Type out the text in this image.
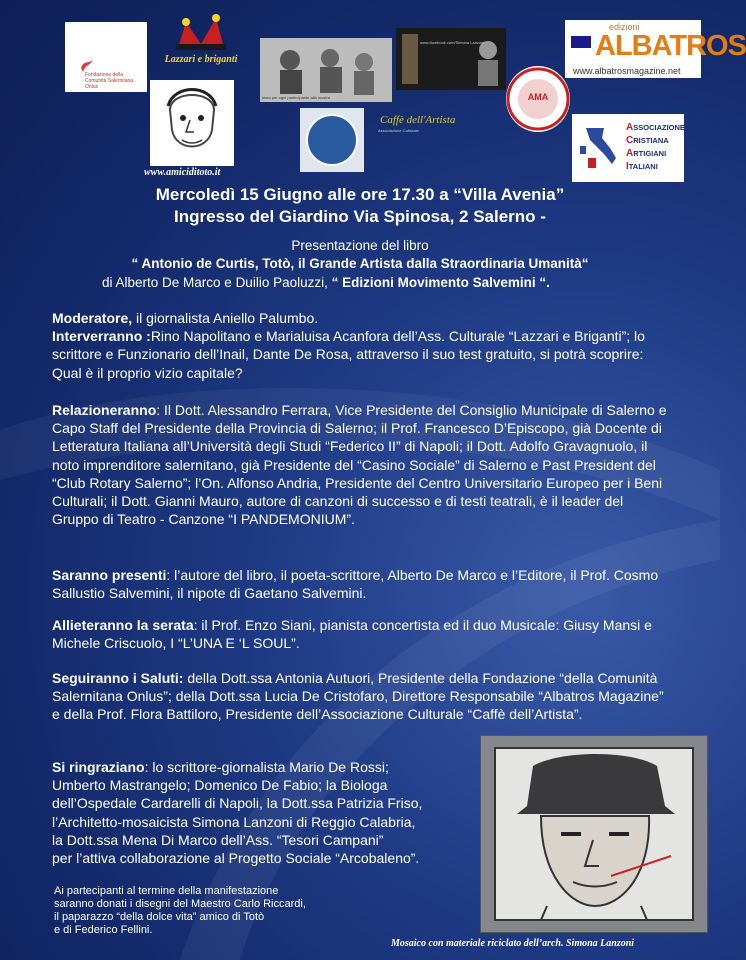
Fondazione della Comunità Salernitana Onlus
Lazzari e briganti
www.amiciditoto.it
testo per ogni partecipante alla mostra
www.facebook.com/Simona Lanzoni
AMA
edizioni
ALBATROS
www.albatrosmagazine.net
Caffè dell'Artista
Associazione Culturale	ASSOCIAZIONE
CRISTIANA
ARTIGIANI
ITALIANI
Mercoledì 15 Giugno alle ore 17.30 a “Villa Avenia”
Ingresso del Giardino Via Spinosa, 2 Salerno -
Presentazione del libro
“ Antonio de Curtis, Totò, il Grande Artista dalla Straordinaria Umanità“
di Alberto De Marco e Duilio Paoluzzi, “ Edizioni Movimento Salvemini “.
Moderatore, il giornalista Aniello Palumbo.
Interverranno :Rino Napolitano e Marialuisa Acanfora dell’Ass. Culturale “Lazzari e Briganti”; lo scrittore e Funzionario dell’Inail, Dante De Rosa, attraverso il suo test gratuito, si potrà scoprire: Qual è il proprio vizio capitale?
Relazioneranno: Il Dott. Alessandro Ferrara, Vice Presidente del Consiglio Municipale di Salerno e Capo Staff del Presidente della Provincia di Salerno; il Prof. Francesco D’Episcopo, già Docente di Letteratura Italiana all’Università degli Studi “Federico II” di Napoli; il Dott. Adolfo Gravagnuolo, il noto imprenditore salernitano, già Presidente del “Casino Sociale” di Salerno e Past President del “Club Rotary Salerno”; l’On. Alfonso Andria, Presidente del Centro Universitario Europeo per i Beni Culturali; il Dott. Gianni Mauro, autore di canzoni di successo e di testi teatrali, è il leader del Gruppo di Teatro - Canzone “I PANDEMONIUM”.
Saranno presenti: l’autore del libro, il poeta-scrittore, Alberto De Marco e l’Editore, il Prof. Cosmo Sallustio Salvemini, il nipote di Gaetano Salvemini.
Allieteranno la serata: il Prof. Enzo Siani, pianista concertista ed il duo Musicale: Giusy Mansi e Michele Criscuolo, I “L’UNA E ‘L SOUL”.
Seguiranno i Saluti: della Dott.ssa Antonia Autuori, Presidente della Fondazione “della Comunità Salernitana Onlus”; della Dott.ssa Lucia De Cristofaro, Direttore Responsabile “Albatros Magazine” e della Prof. Flora Battiloro, Presidente dell’Associazione Culturale “Caffè dell’Artista”.
Si ringraziano: lo scrittore-giornalista Mario De Rossi;
Umberto Mastrangelo; Domenico De Fabio; la Biologa
dell’Ospedale Cardarelli di Napoli, la Dott.ssa Patrizia Friso,
l’Architetto-mosaicista Simona Lanzoni di Reggio Calabria,
la Dott.ssa Mena Di Marco dell’Ass. “Tesori Campani”
per l’attiva collaborazione al Progetto Sociale “Arcobaleno”.
Mosaico con materiale riciclato dell’arch. Simona Lanzoni
Ai partecipanti al termine della manifestazione
saranno donati i disegni del Maestro Carlo Riccardi,
il paparazzo “della dolce vita” amico di Totò
e di Federico Fellini.
